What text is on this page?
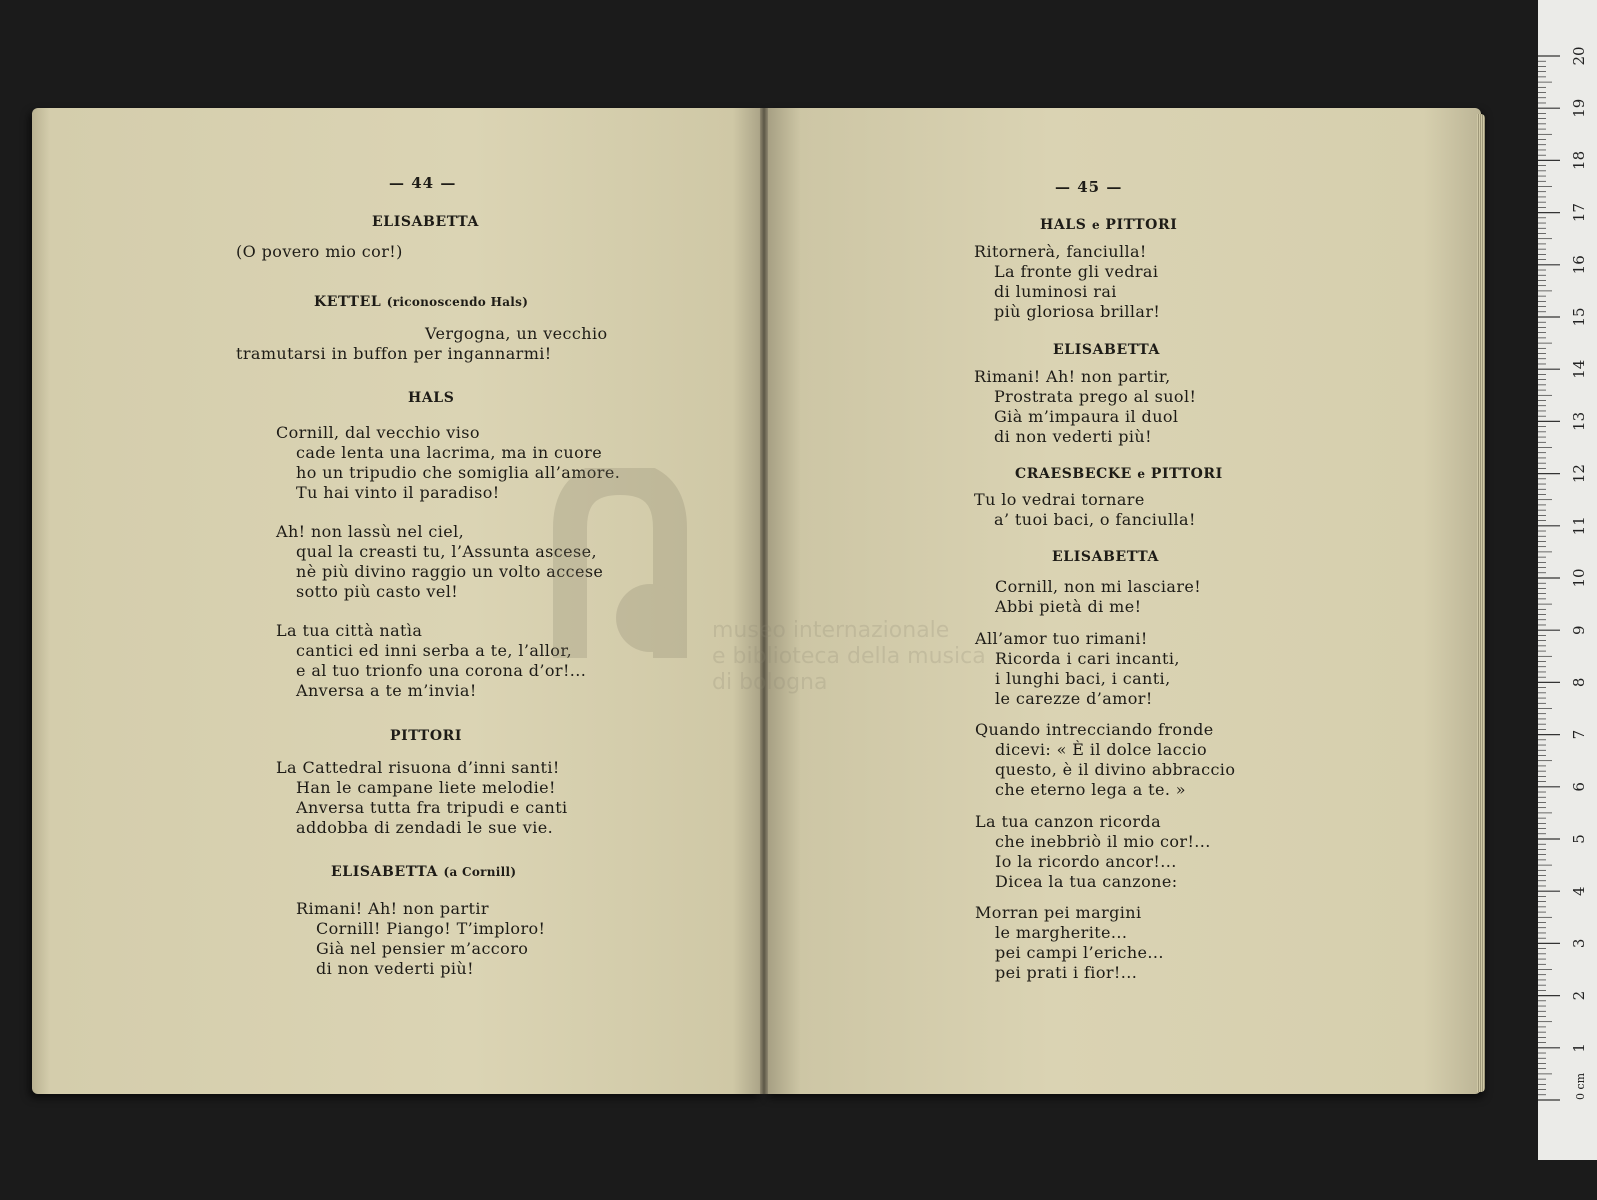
— 44 —
ELISABETTA
(O povero mio cor!)
KETTEL (riconoscendo Hals)
Vergogna, un vecchio
tramutarsi in buffon per ingannarmi!
HALS
Cornill, dal vecchio viso
cade lenta una lacrima, ma in cuore
ho un tripudio che somiglia all’amore.
Tu hai vinto il paradiso!
Ah! non lassù nel ciel,
qual la creasti tu, l’Assunta ascese,
nè più divino raggio un volto accese
sotto più casto vel!
La tua città natìa
cantici ed inni serba a te, l’allor,
e al tuo trionfo una corona d’or!...
Anversa a te m’invia!
PITTORI
La Cattedral risuona d’inni santi!
Han le campane liete melodie!
Anversa tutta fra tripudi e canti
addobba di zendadi le sue vie.
ELISABETTA (a Cornill)
Rimani! Ah! non partir
Cornill! Piango! T’imploro!
Già nel pensier m’accoro
di non vederti più!
— 45 —
HALS e PITTORI
Ritornerà, fanciulla!
La fronte gli vedrai
di luminosi rai
più gloriosa brillar!
ELISABETTA
Rimani! Ah! non partir,
Prostrata prego al suol!
Già m’impaura il duol
di non vederti più!
CRAESBECKE e PITTORI
Tu lo vedrai tornare
a’ tuoi baci, o fanciulla!
ELISABETTA
Cornill, non mi lasciare!
Abbi pietà di me!
All’amor tuo rimani!
Ricorda i cari incanti,
i lunghi baci, i canti,
le carezze d’amor!
Quando intrecciando fronde
dicevi: « È il dolce laccio
questo, è il divino abbraccio
che eterno lega a te. »
La tua canzon ricorda
che inebbriò il mio cor!...
Io la ricordo ancor!...
Dicea la tua canzone:
Morran pei margini
le margherite...
pei campi l’eriche...
pei prati i fior!...
museo internazionale
e biblioteca della musica
di bologna
0 cm
1
2
3
4
5
6
7
8
9
10
11
12
13
14
15
16
17
18
19
20
